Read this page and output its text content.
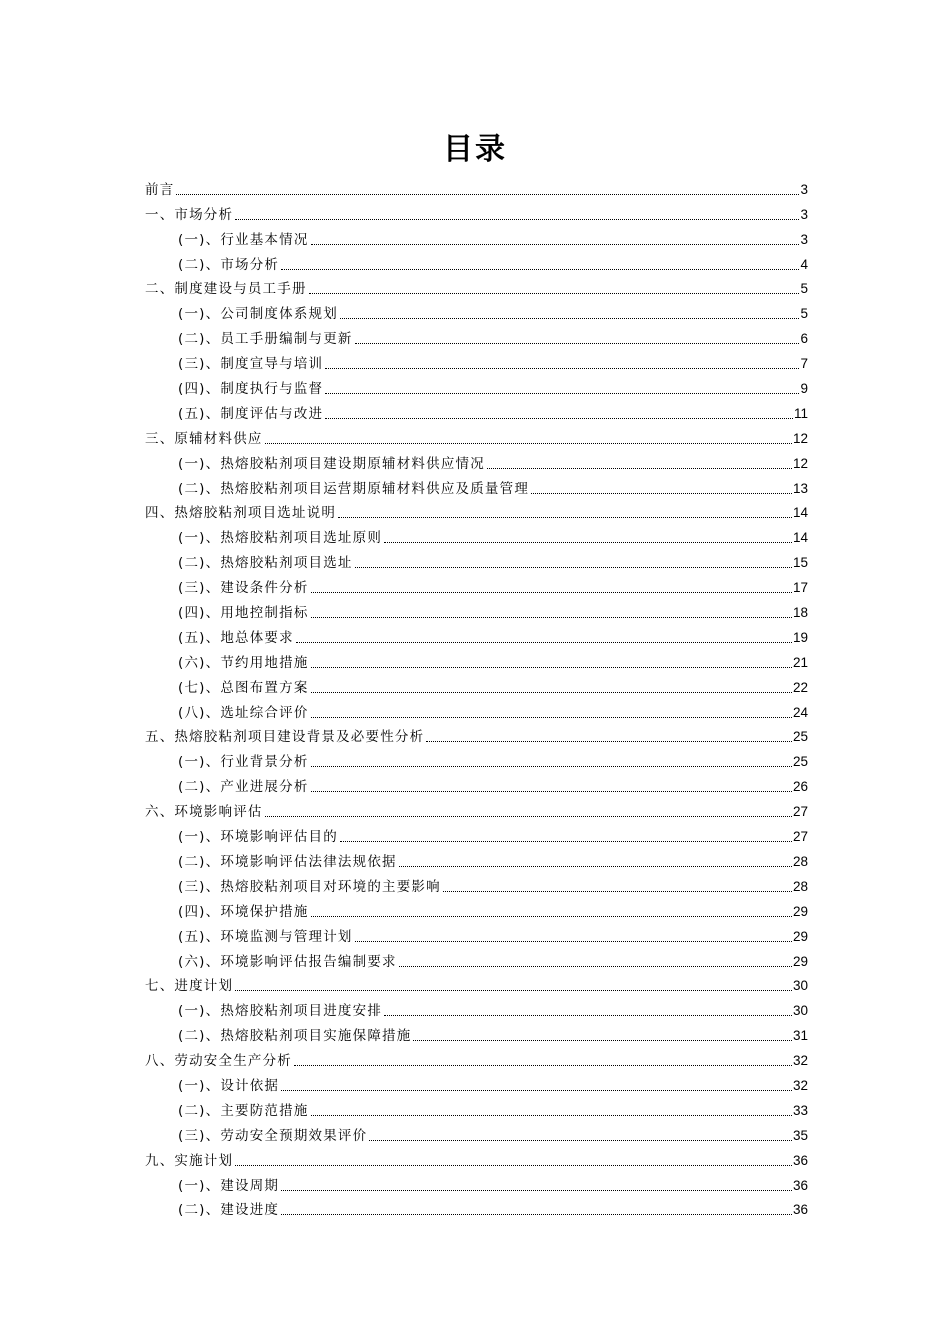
目录
前言	3
一、市场分析	3
(一)、行业基本情况	3
(二)、市场分析	4
二、制度建设与员工手册	5
(一)、公司制度体系规划	5
(二)、员工手册编制与更新	6
(三)、制度宣导与培训	7
(四)、制度执行与监督	9
(五)、制度评估与改进	11
三、原辅材料供应	12
(一)、热熔胶粘剂项目建设期原辅材料供应情况	12
(二)、热熔胶粘剂项目运营期原辅材料供应及质量管理	13
四、热熔胶粘剂项目选址说明	14
(一)、热熔胶粘剂项目选址原则	14
(二)、热熔胶粘剂项目选址	15
(三)、建设条件分析	17
(四)、用地控制指标	18
(五)、地总体要求	19
(六)、节约用地措施	21
(七)、总图布置方案	22
(八)、选址综合评价	24
五、热熔胶粘剂项目建设背景及必要性分析	25
(一)、行业背景分析	25
(二)、产业进展分析	26
六、环境影响评估	27
(一)、环境影响评估目的	27
(二)、环境影响评估法律法规依据	28
(三)、热熔胶粘剂项目对环境的主要影响	28
(四)、环境保护措施	29
(五)、环境监测与管理计划	29
(六)、环境影响评估报告编制要求	29
七、进度计划	30
(一)、热熔胶粘剂项目进度安排	30
(二)、热熔胶粘剂项目实施保障措施	31
八、劳动安全生产分析	32
(一)、设计依据	32
(二)、主要防范措施	33
(三)、劳动安全预期效果评价	35
九、实施计划	36
(一)、建设周期	36
(二)、建设进度	36
